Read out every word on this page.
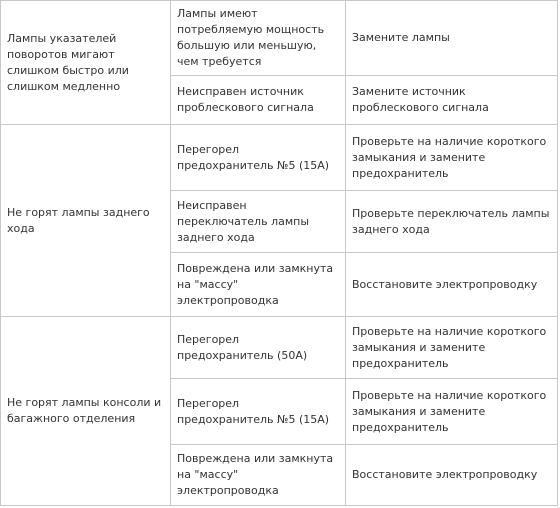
Лампы указателей поворотов мигают слишком быстро или слишком медленно	Лампы имеют потребляемую мощность большую или меньшую, чем требуется	Замените лампы
	Неисправен источник проблескового сигнала	Замените источник проблескового сигнала
Не горят лампы заднего хода	Перегорел предохранитель №5 (15А)	Проверьте на наличие короткого замыкания и замените предохранитель
	Неисправен переключатель лампы заднего хода	Проверьте переключатель лампы заднего хода
	Повреждена или замкнута на "массу" электропроводка	Восстановите электропроводку
Не горят лампы консоли и багажного отделения	Перегорел предохранитель (50А)	Проверьте на наличие короткого замыкания и замените предохранитель
	Перегорел предохранитель №5 (15А)	Проверьте на наличие короткого замыкания и замените предохранитель
	Повреждена или замкнута на "массу" электропроводка	Восстановите электропроводку
